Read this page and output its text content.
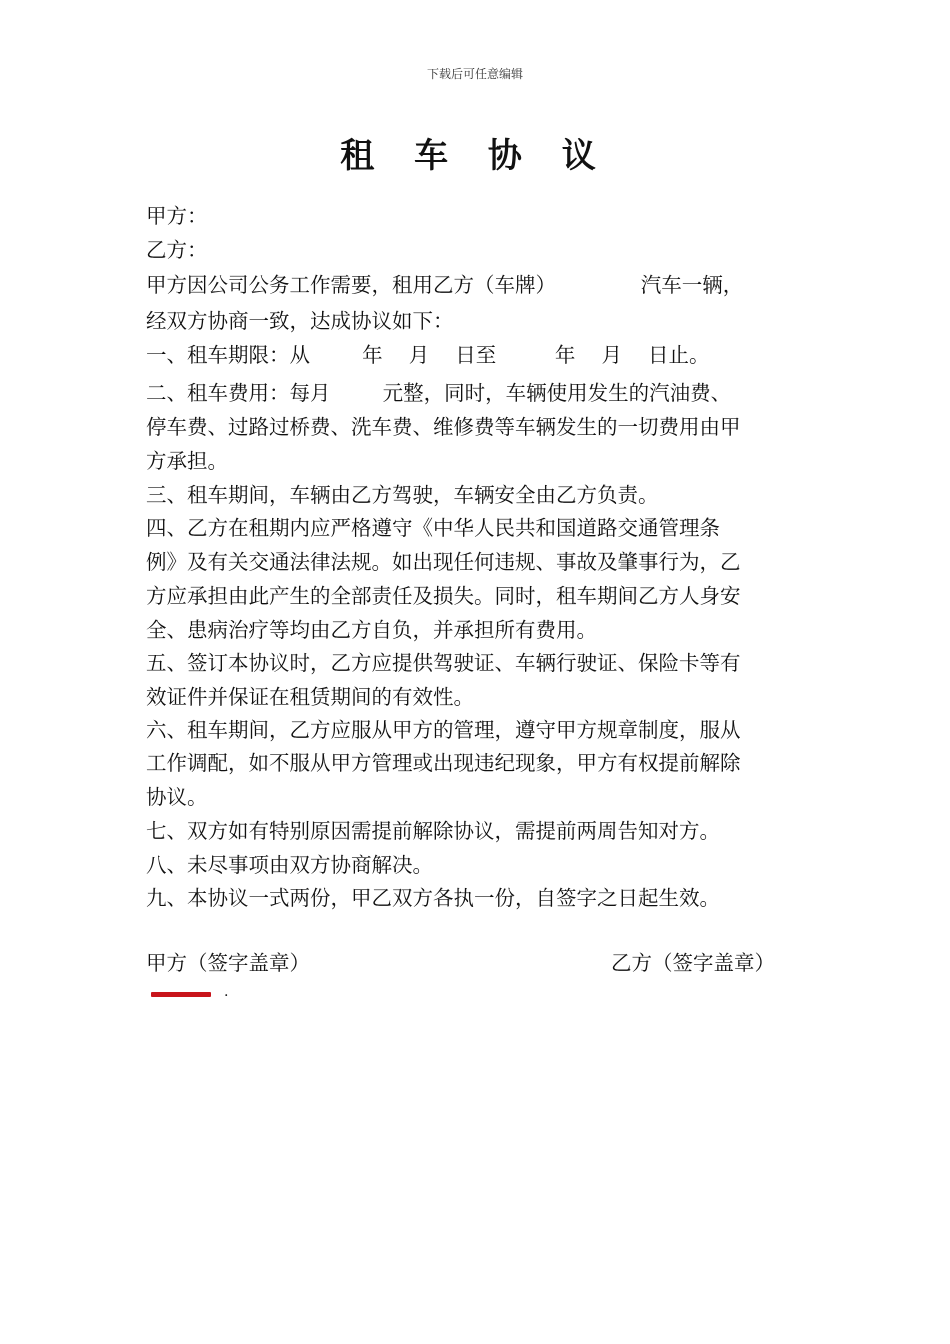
下载后可任意编辑
租 车 协 议
甲方：
乙方：
甲方因公司公务工作需要，租用乙方（车牌）             汽车一辆，
经双方协商一致，达成协议如下：
一、租车期限：从        年    月    日至         年    月    日止。
二、租车费用：每月        元整，同时，车辆使用发生的汽油费、
停车费、过路过桥费、洗车费、维修费等车辆发生的一切费用由甲
方承担。
三、租车期间，车辆由乙方驾驶，车辆安全由乙方负责。
四、乙方在租期内应严格遵守《中华人民共和国道路交通管理条
例》及有关交通法律法规。如出现任何违规、事故及肇事行为，乙
方应承担由此产生的全部责任及损失。同时，租车期间乙方人身安
全、患病治疗等均由乙方自负，并承担所有费用。
五、签订本协议时，乙方应提供驾驶证、车辆行驶证、保险卡等有
效证件并保证在租赁期间的有效性。
六、租车期间，乙方应服从甲方的管理，遵守甲方规章制度，服从
工作调配，如不服从甲方管理或出现违纪现象，甲方有权提前解除
协议。
七、双方如有特别原因需提前解除协议，需提前两周告知对方。
八、未尽事项由双方协商解决。
九、本协议一式两份，甲乙双方各执一份，自签字之日起生效。
甲方（签字盖章）	乙方（签字盖章）
.
